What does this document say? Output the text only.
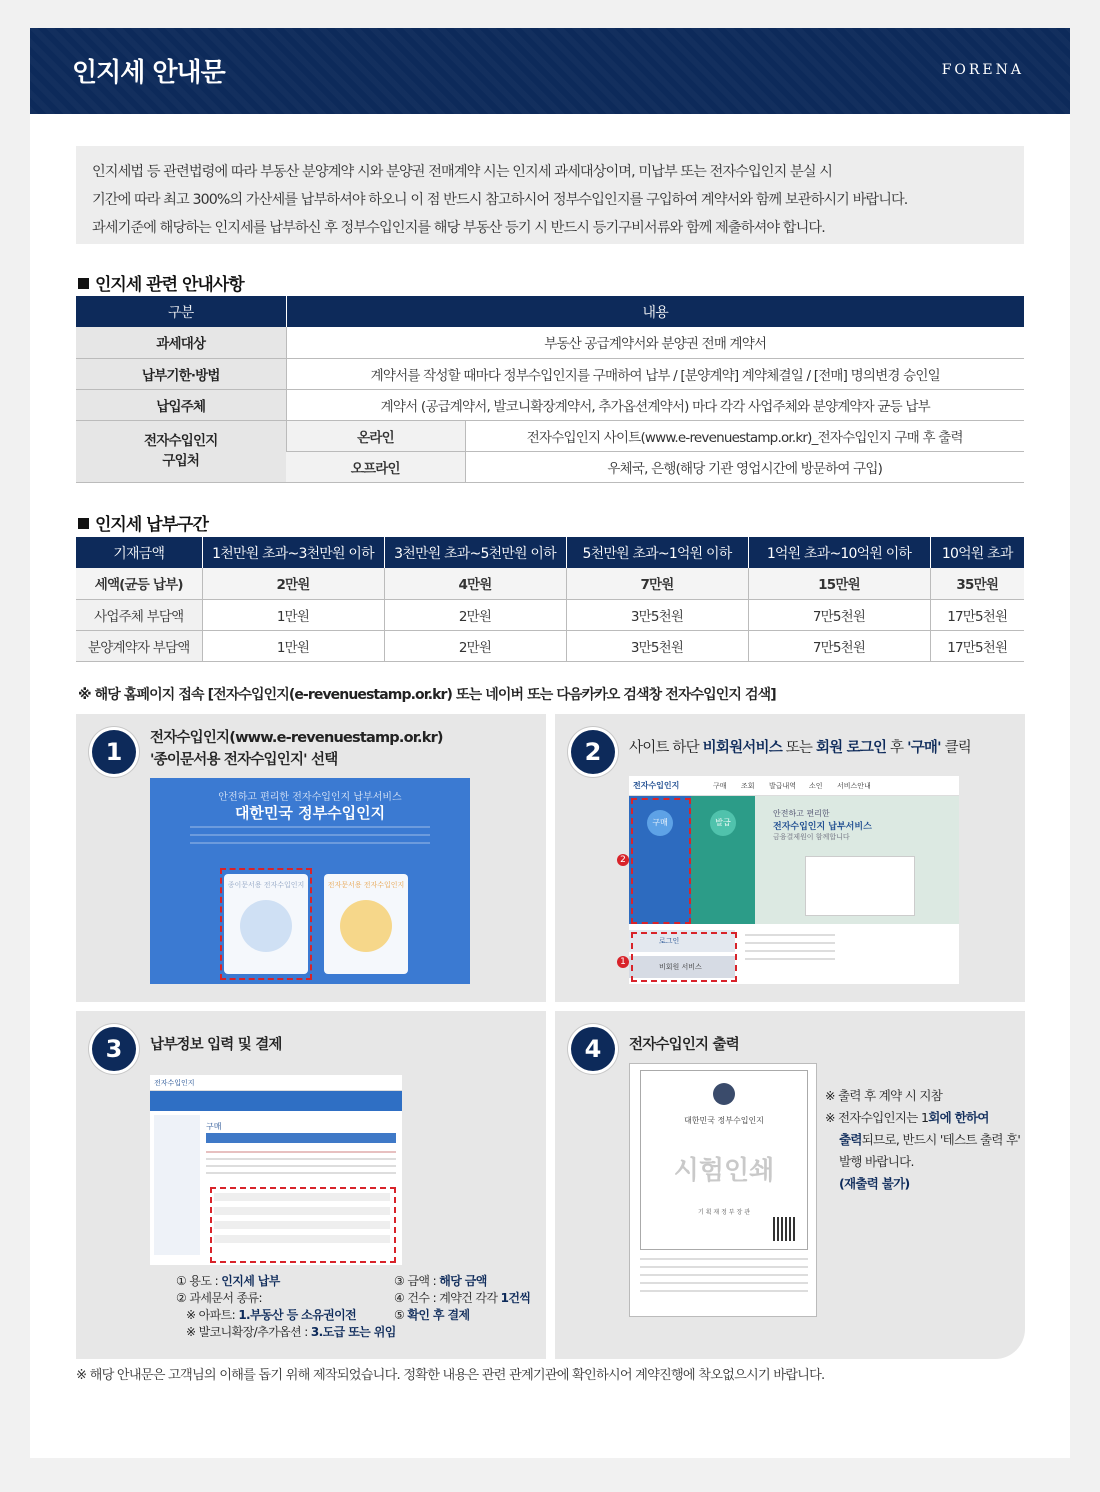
인지세 안내문	FORENA

인지세법 등 관련법령에 따라 부동산 분양계약 시와 분양권 전매계약 시는 인지세 과세대상이며, 미납부 또는 전자수입인지 분실 시

기간에 따라 최고 300%의 가산세를 납부하셔야 하오니 이 점 반드시 참고하시어 정부수입인지를 구입하여 계약서와 함께 보관하시기 바랍니다.

과세기준에 해당하는 인지세를 납부하신 후 정부수입인지를 해당 부동산 등기 시 반드시 등기구비서류와 함께 제출하셔야 합니다.

인지세 관련 안내사항
구분	내용	
과세대상	부동산 공급계약서와 분양권 전매 계약서	
납부기한·방법	계약서를 작성할 때마다 정부수입인지를 구매하여 납부 / [분양계약] 계약체결일 / [전매] 명의변경 승인일	
납입주체	계약서 (공급계약서, 발코니확장계약서, 추가옵션계약서) 마다 각각 사업주체와 분양계약자 균등 납부	
전자수입인지
구입처	온라인	전자수입인지 사이트(www.e-revenuestamp.or.kr)_전자수입인지 구매 후 출력
	오프라인	우체국, 은행(해당 기관 영업시간에 방문하여 구입)
인지세 납부구간
기재금액	1천만원 초과~3천만원 이하	3천만원 초과~5천만원 이하	5천만원 초과~1억원 이하	1억원 초과~10억원 이하	10억원 초과
세액(균등 납부)	2만원	4만원	7만원	15만원	35만원
사업주체 부담액	1만원	2만원	3만5천원	7만5천원	17만5천원
분양계약자 부담액	1만원	2만원	3만5천원	7만5천원	17만5천원
※ 해당 홈페이지 접속 [전자수입인지(e-revenuestamp.or.kr) 또는 네이버 또는 다음카카오 검색창 전자수입인지 검색]
1	전자수입인지(www.e-revenuestamp.or.kr)
'종이문서용 전자수입인지' 선택
안전하고 편리한 전자수입인지 납부서비스
대한민국 정부수입인지
종이문서용 전자수입인지	전자문서용 전자수입인지
2	사이트 하단 비회원서비스 또는 회원 로그인 후 '구매' 클릭
전자수입인지	구매 조회 발급내역 소인 서비스안내
구매	발급
안전하고 편리한
전자수입인지 납부서비스
금융결제원이 함께합니다
로그인
비회원 서비스
2
1
3	납부정보 입력 및 결제
전자수입인지
구매
① 용도 : 인지세 납부
② 과세문서 종류:
※ 아파트: 1.부동산 등 소유권이전
※ 발코니확장/추가옵션 : 3.도급 또는 위임
③ 금액 : 해당 금액
④ 건수 : 계약건 각각 1건씩
⑤ 확인 후 결제
4	전자수입인지 출력
대한민국 정부수입인지
시험인쇄
기 획 재 정 부 장 관
※ 출력 후 계약 시 지참
※ 전자수입인지는 1회에 한하여
출력되므로, 반드시 '테스트 출력 후'
발행 바랍니다.
(재출력 불가)
※ 해당 안내문은 고객님의 이해를 돕기 위해 제작되었습니다. 정확한 내용은 관련 관계기관에 확인하시어 계약진행에 착오없으시기 바랍니다.
